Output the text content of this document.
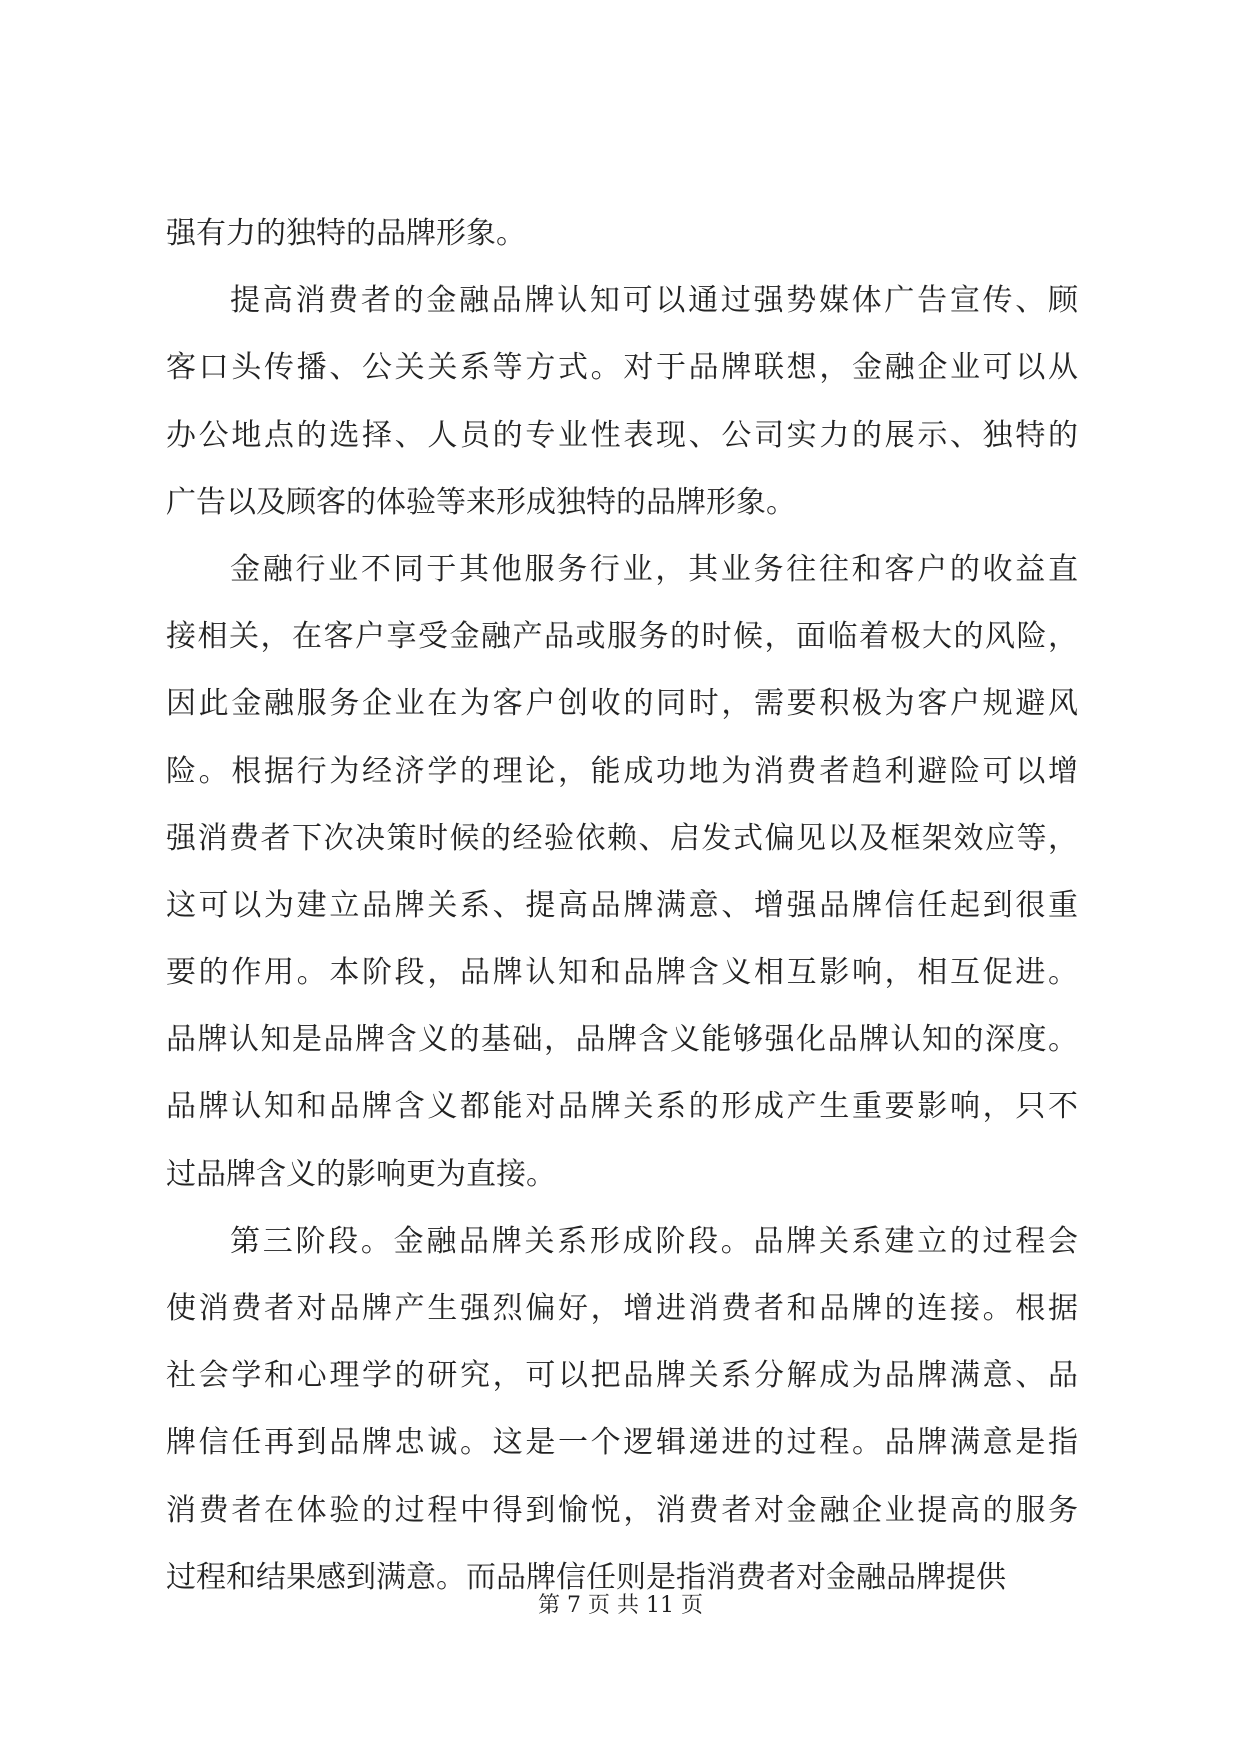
强有力的独特的品牌形象。
提高消费者的金融品牌认知可以通过强势媒体广告宣传、顾
客口头传播、公关关系等方式。对于品牌联想，金融企业可以从
办公地点的选择、人员的专业性表现、公司实力的展示、独特的
广告以及顾客的体验等来形成独特的品牌形象。
金融行业不同于其他服务行业，其业务往往和客户的收益直
接相关，在客户享受金融产品或服务的时候，面临着极大的风险，
因此金融服务企业在为客户创收的同时，需要积极为客户规避风
险。根据行为经济学的理论，能成功地为消费者趋利避险可以增
强消费者下次决策时候的经验依赖、启发式偏见以及框架效应等，
这可以为建立品牌关系、提高品牌满意、增强品牌信任起到很重
要的作用。本阶段，品牌认知和品牌含义相互影响，相互促进。
品牌认知是品牌含义的基础，品牌含义能够强化品牌认知的深度。
品牌认知和品牌含义都能对品牌关系的形成产生重要影响，只不
过品牌含义的影响更为直接。
第三阶段。金融品牌关系形成阶段。品牌关系建立的过程会
使消费者对品牌产生强烈偏好，增进消费者和品牌的连接。根据
社会学和心理学的研究，可以把品牌关系分解成为品牌满意、品
牌信任再到品牌忠诚。这是一个逻辑递进的过程。品牌满意是指
消费者在体验的过程中得到愉悦，消费者对金融企业提高的服务
过程和结果感到满意。而品牌信任则是指消费者对金融品牌提供
第 7 页 共 11 页
